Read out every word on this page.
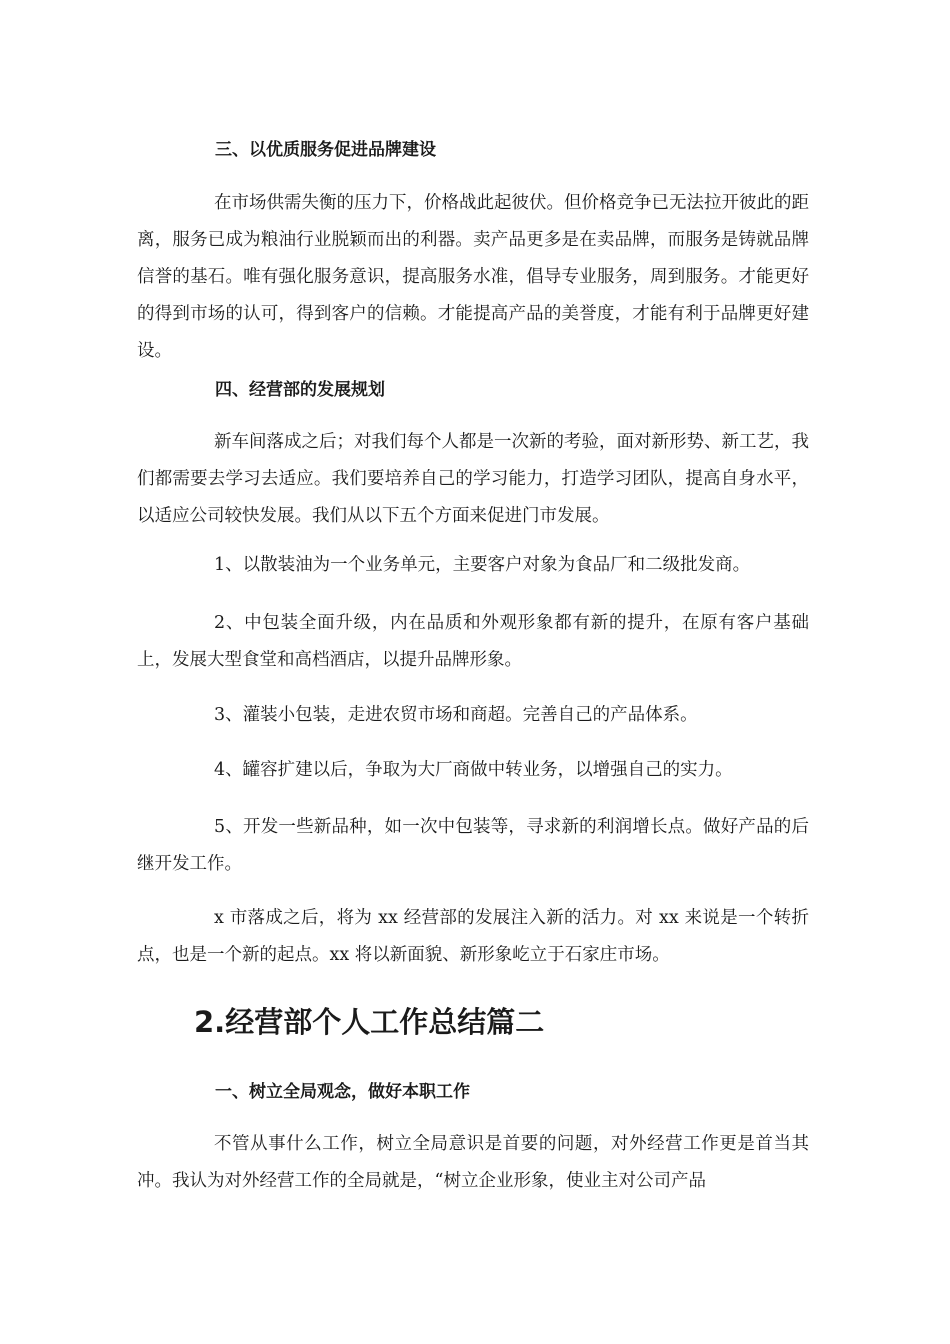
三、以优质服务促进品牌建设

在市场供需失衡的压力下，价格战此起彼伏。但价格竞争已无法拉开彼此的距离，服务已成为粮油行业脱颖而出的利器。卖产品更多是在卖品牌，而服务是铸就品牌信誉的基石。唯有强化服务意识，提高服务水准，倡导专业服务，周到服务。才能更好的得到市场的认可，得到客户的信赖。才能提高产品的美誉度，才能有利于品牌更好建设。

四、经营部的发展规划

新车间落成之后；对我们每个人都是一次新的考验，面对新形势、新工艺，我们都需要去学习去适应。我们要培养自己的学习能力，打造学习团队，提高自身水平，以适应公司较快发展。我们从以下五个方面来促进门市发展。

1、以散装油为一个业务单元，主要客户对象为食品厂和二级批发商。

2、中包装全面升级，内在品质和外观形象都有新的提升，在原有客户基础上，发展大型食堂和高档酒店，以提升品牌形象。

3、灌装小包装，走进农贸市场和商超。完善自己的产品体系。

4、罐容扩建以后，争取为大厂商做中转业务，以增强自己的实力。

5、开发一些新品种，如一次中包装等，寻求新的利润增长点。做好产品的后继开发工作。

x 市落成之后，将为 xx 经营部的发展注入新的活力。对 xx 来说是一个转折点，也是一个新的起点。xx 将以新面貌、新形象屹立于石家庄市场。

2.经营部个人工作总结篇二

一、树立全局观念，做好本职工作

不管从事什么工作，树立全局意识是首要的问题，对外经营工作更是首当其冲。我认为对外经营工作的全局就是，“树立企业形象，使业主对公司产品
